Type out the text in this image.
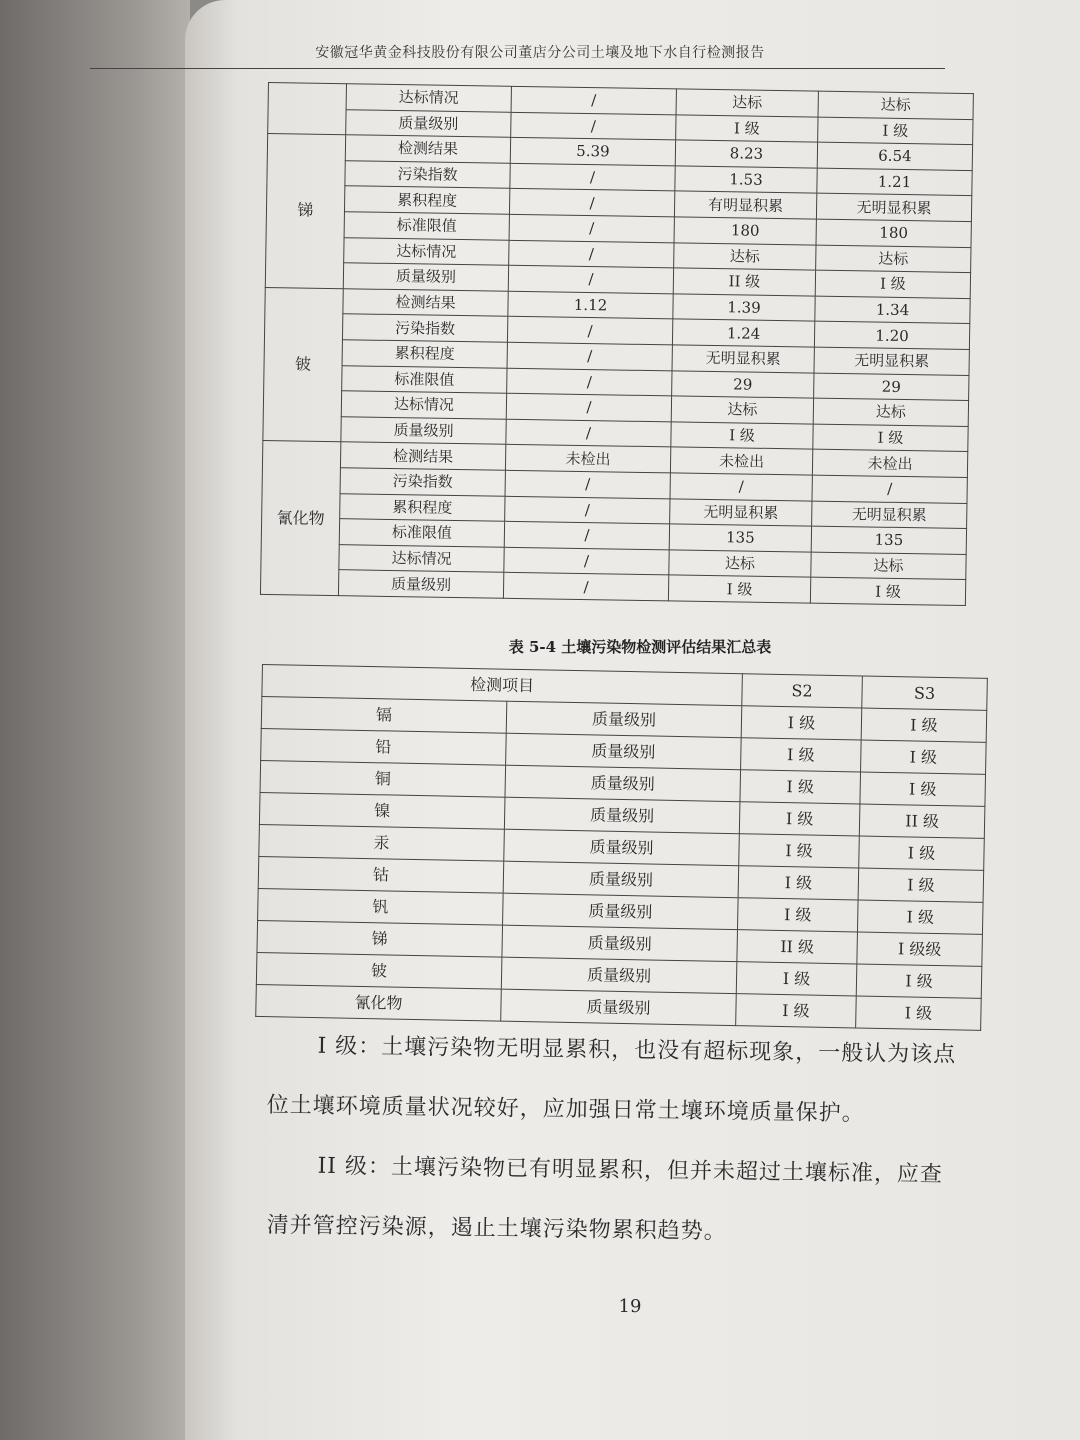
安徽冠华黄金科技股份有限公司董店分公司土壤及地下水自行检测报告
	达标情况	/	达标	达标
	质量级别	/	I 级	I 级
锑	检测结果	5.39	8.23	6.54
	污染指数	/	1.53	1.21
	累积程度	/	有明显积累	无明显积累
	标准限值	/	180	180
	达标情况	/	达标	达标
	质量级别	/	II 级	I 级
铍	检测结果	1.12	1.39	1.34
	污染指数	/	1.24	1.20
	累积程度	/	无明显积累	无明显积累
	标准限值	/	29	29
	达标情况	/	达标	达标
	质量级别	/	I 级	I 级
氰化物	检测结果	未检出	未检出	未检出
	污染指数	/	/	/
	累积程度	/	无明显积累	无明显积累
	标准限值	/	135	135
	达标情况	/	达标	达标
	质量级别	/	I 级	I 级
表 5-4 土壤污染物检测评估结果汇总表
检测项目		S2	S3
镉	质量级别	I 级	I 级
铅	质量级别	I 级	I 级
铜	质量级别	I 级	I 级
镍	质量级别	I 级	II 级
汞	质量级别	I 级	I 级
钴	质量级别	I 级	I 级
钒	质量级别	I 级	I 级
锑	质量级别	II 级	I 级级
铍	质量级别	I 级	I 级
氰化物	质量级别	I 级	I 级
I 级：土壤污染物无明显累积，也没有超标现象，一般认为该点
位土壤环境质量状况较好，应加强日常土壤环境质量保护。
II 级：土壤污染物已有明显累积，但并未超过土壤标准，应查
清并管控污染源，遏止土壤污染物累积趋势。
19
